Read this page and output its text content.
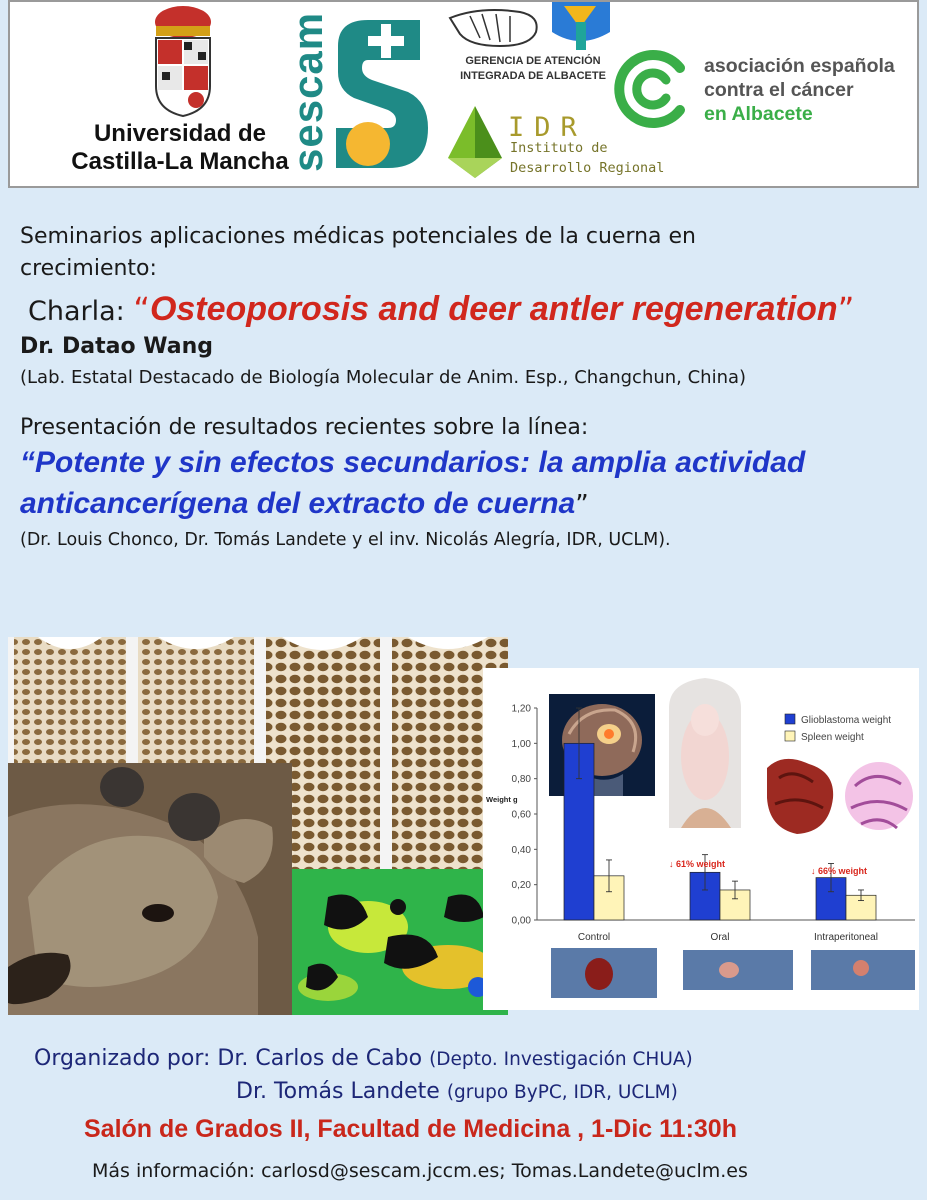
Universidad de Castilla-La Mancha
sescam	GERENCIA DE ATENCIÓN INTEGRADA DE ALBACETE
IDR
Instituto de
Desarrollo Regional
asociación española
contra el cáncer
en Albacete
Seminarios aplicaciones médicas potenciales de la cuerna en
crecimiento:
Charla: “Osteoporosis and deer antler regeneration”
Dr. Datao Wang
(Lab. Estatal Destacado de Biología Molecular de Anim. Esp., Changchun, China)
Presentación de resultados recientes sobre la línea:
“Potente y sin efectos secundarios: la amplia actividad
anticancerígena del extracto de cuerna”
(Dr. Louis Chonco, Dr. Tomás Landete y el inv. Nicolás Alegría, IDR, UCLM).
Glioblastoma weight
Spleen weight
Weight g
0,00
0,20
0,40
0,60
0,80
1,00
1,20
Control	Oral	Intraperitoneal
↓ 61% weight
↓ 66% weight
Organizado por: Dr. Carlos de Cabo (Depto. Investigación CHUA)
Dr. Tomás Landete (grupo ByPC, IDR, UCLM)
Salón de Grados II, Facultad de Medicina , 1-Dic 11:30h
Más información: carlosd@sescam.jccm.es; Tomas.Landete@uclm.es
